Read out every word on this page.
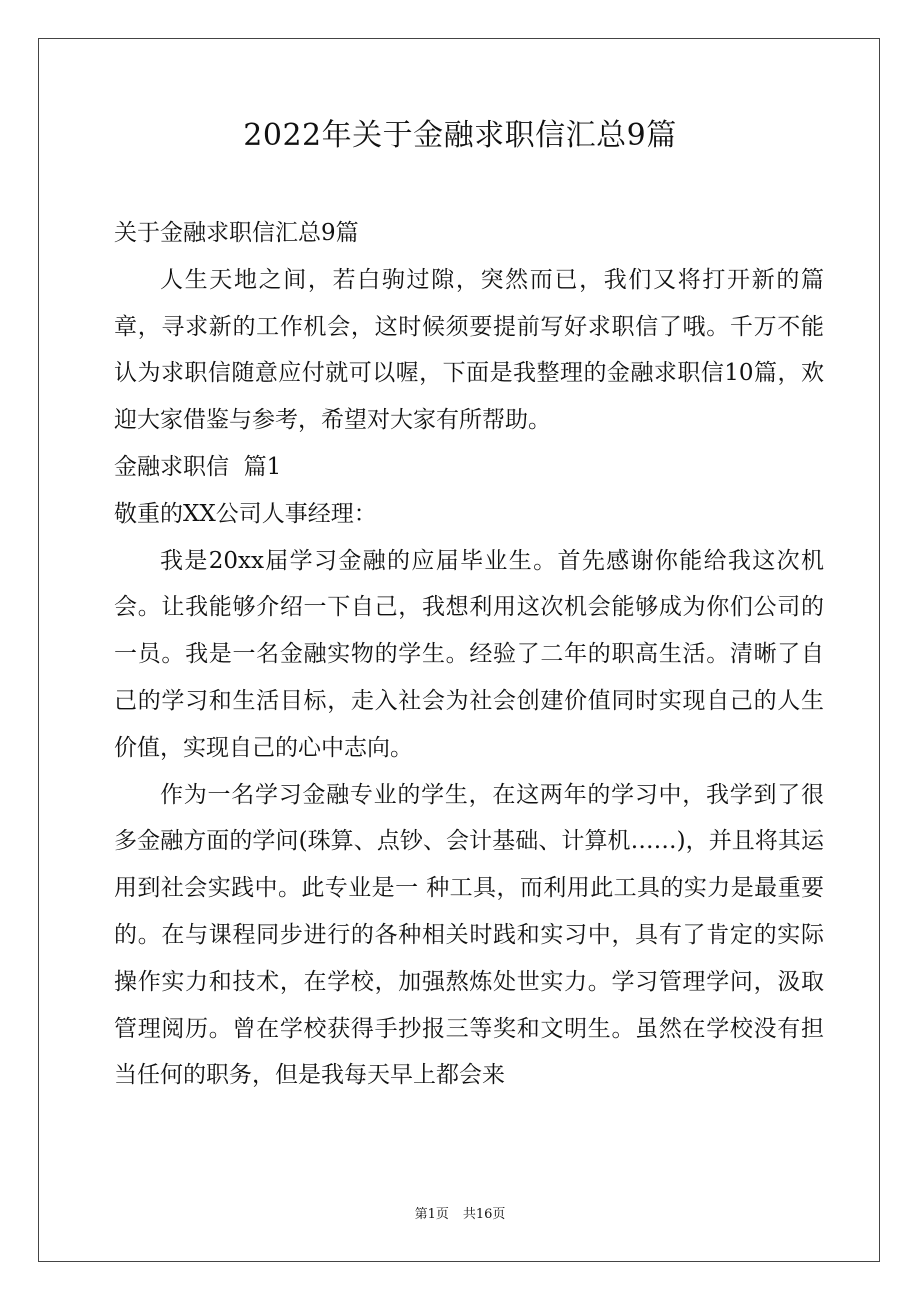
2022年关于金融求职信汇总9篇

关于金融求职信汇总9篇

人生天地之间，若白驹过隙，突然而已，我们又将打开新的篇章，寻求新的工作机会，这时候须要提前写好求职信了哦。千万不能认为求职信随意应付就可以喔，下面是我整理的金融求职信10篇，欢迎大家借鉴与参考，希望对大家有所帮助。

金融求职信  篇1

敬重的XX公司人事经理：

我是20xx届学习金融的应届毕业生。首先感谢你能给我这次机会。让我能够介绍一下自己，我想利用这次机会能够成为你们公司的一员。我是一名金融实物的学生。经验了二年的职高生活。清晰了自己的学习和生活目标，走入社会为社会创建价值同时实现自己的人生价值，实现自己的心中志向。

作为一名学习金融专业的学生，在这两年的学习中，我学到了很多金融方面的学问(珠算、点钞、会计基础、计算机……)，并且将其运用到社会实践中。此专业是一 种工具，而利用此工具的实力是最重要的。在与课程同步进行的各种相关时践和实习中，具有了肯定的实际操作实力和技术，在学校，加强熬炼处世实力。学习管理学问，汲取管理阅历。曾在学校获得手抄报三等奖和文明生。虽然在学校没有担当任何的职务，但是我每天早上都会来

第1页 共16页
